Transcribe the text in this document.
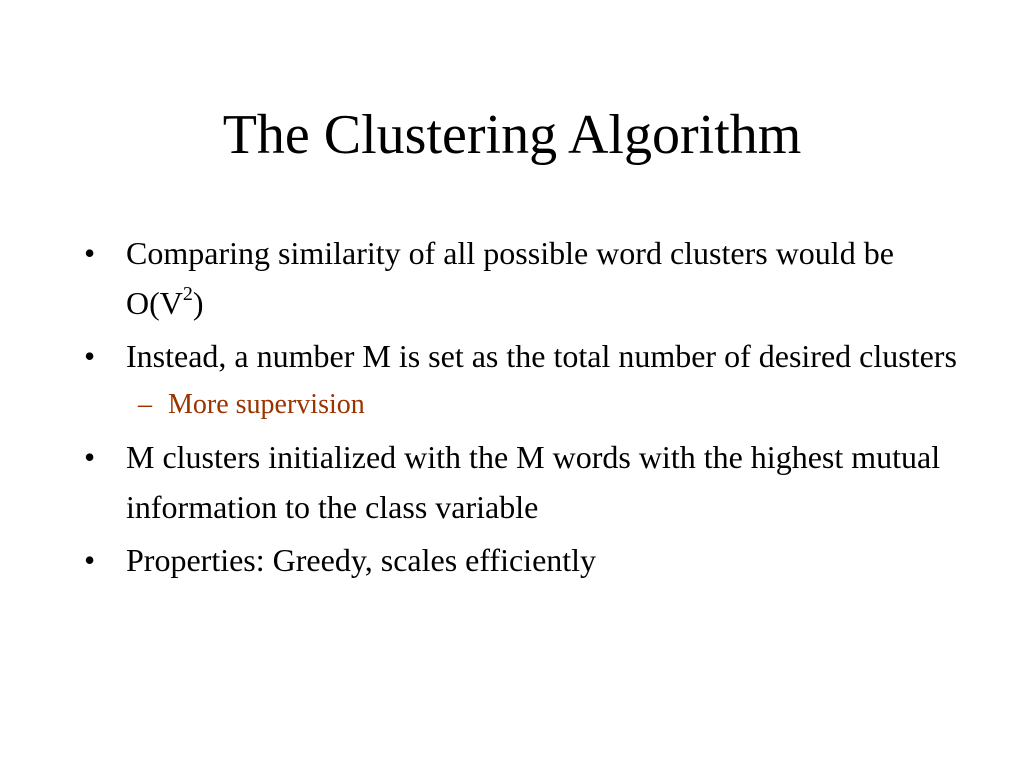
The Clustering Algorithm
• Comparing similarity of all possible word clusters would be $O(V^2)$
• Instead, a number M is set as the total number of desired clusters
– More supervision
• M clusters initialized with the M words with the highest mutual information to the class variable
• Properties: Greedy, scales efficiently
